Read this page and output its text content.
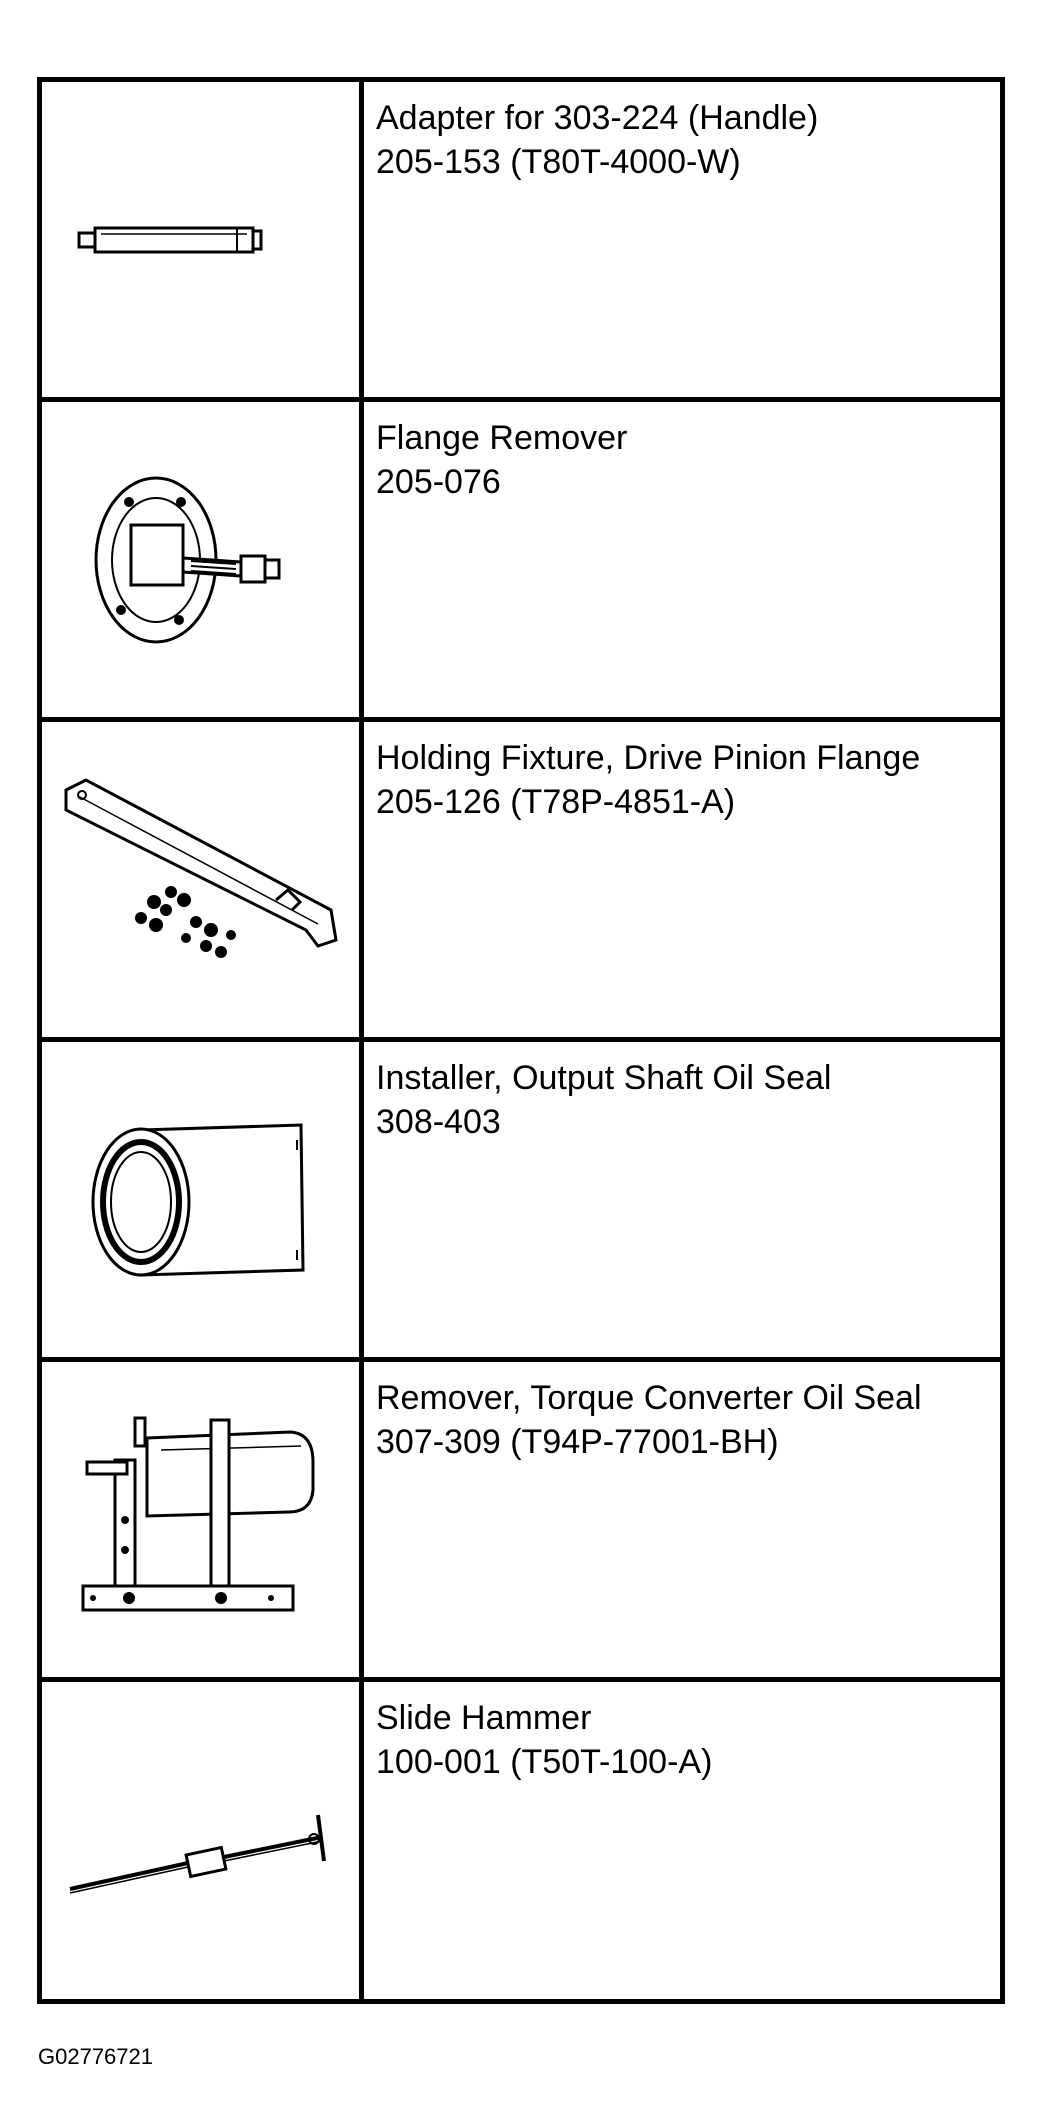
Adapter for 303-224 (Handle)
205-153 (T80T-4000-W)
Flange Remover
205-076
Holding Fixture, Drive Pinion Flange
205-126 (T78P-4851-A)
Installer, Output Shaft Oil Seal
308-403
Remover, Torque Converter Oil Seal
307-309 (T94P-77001-BH)
Slide Hammer
100-001 (T50T-100-A)
G02776721
